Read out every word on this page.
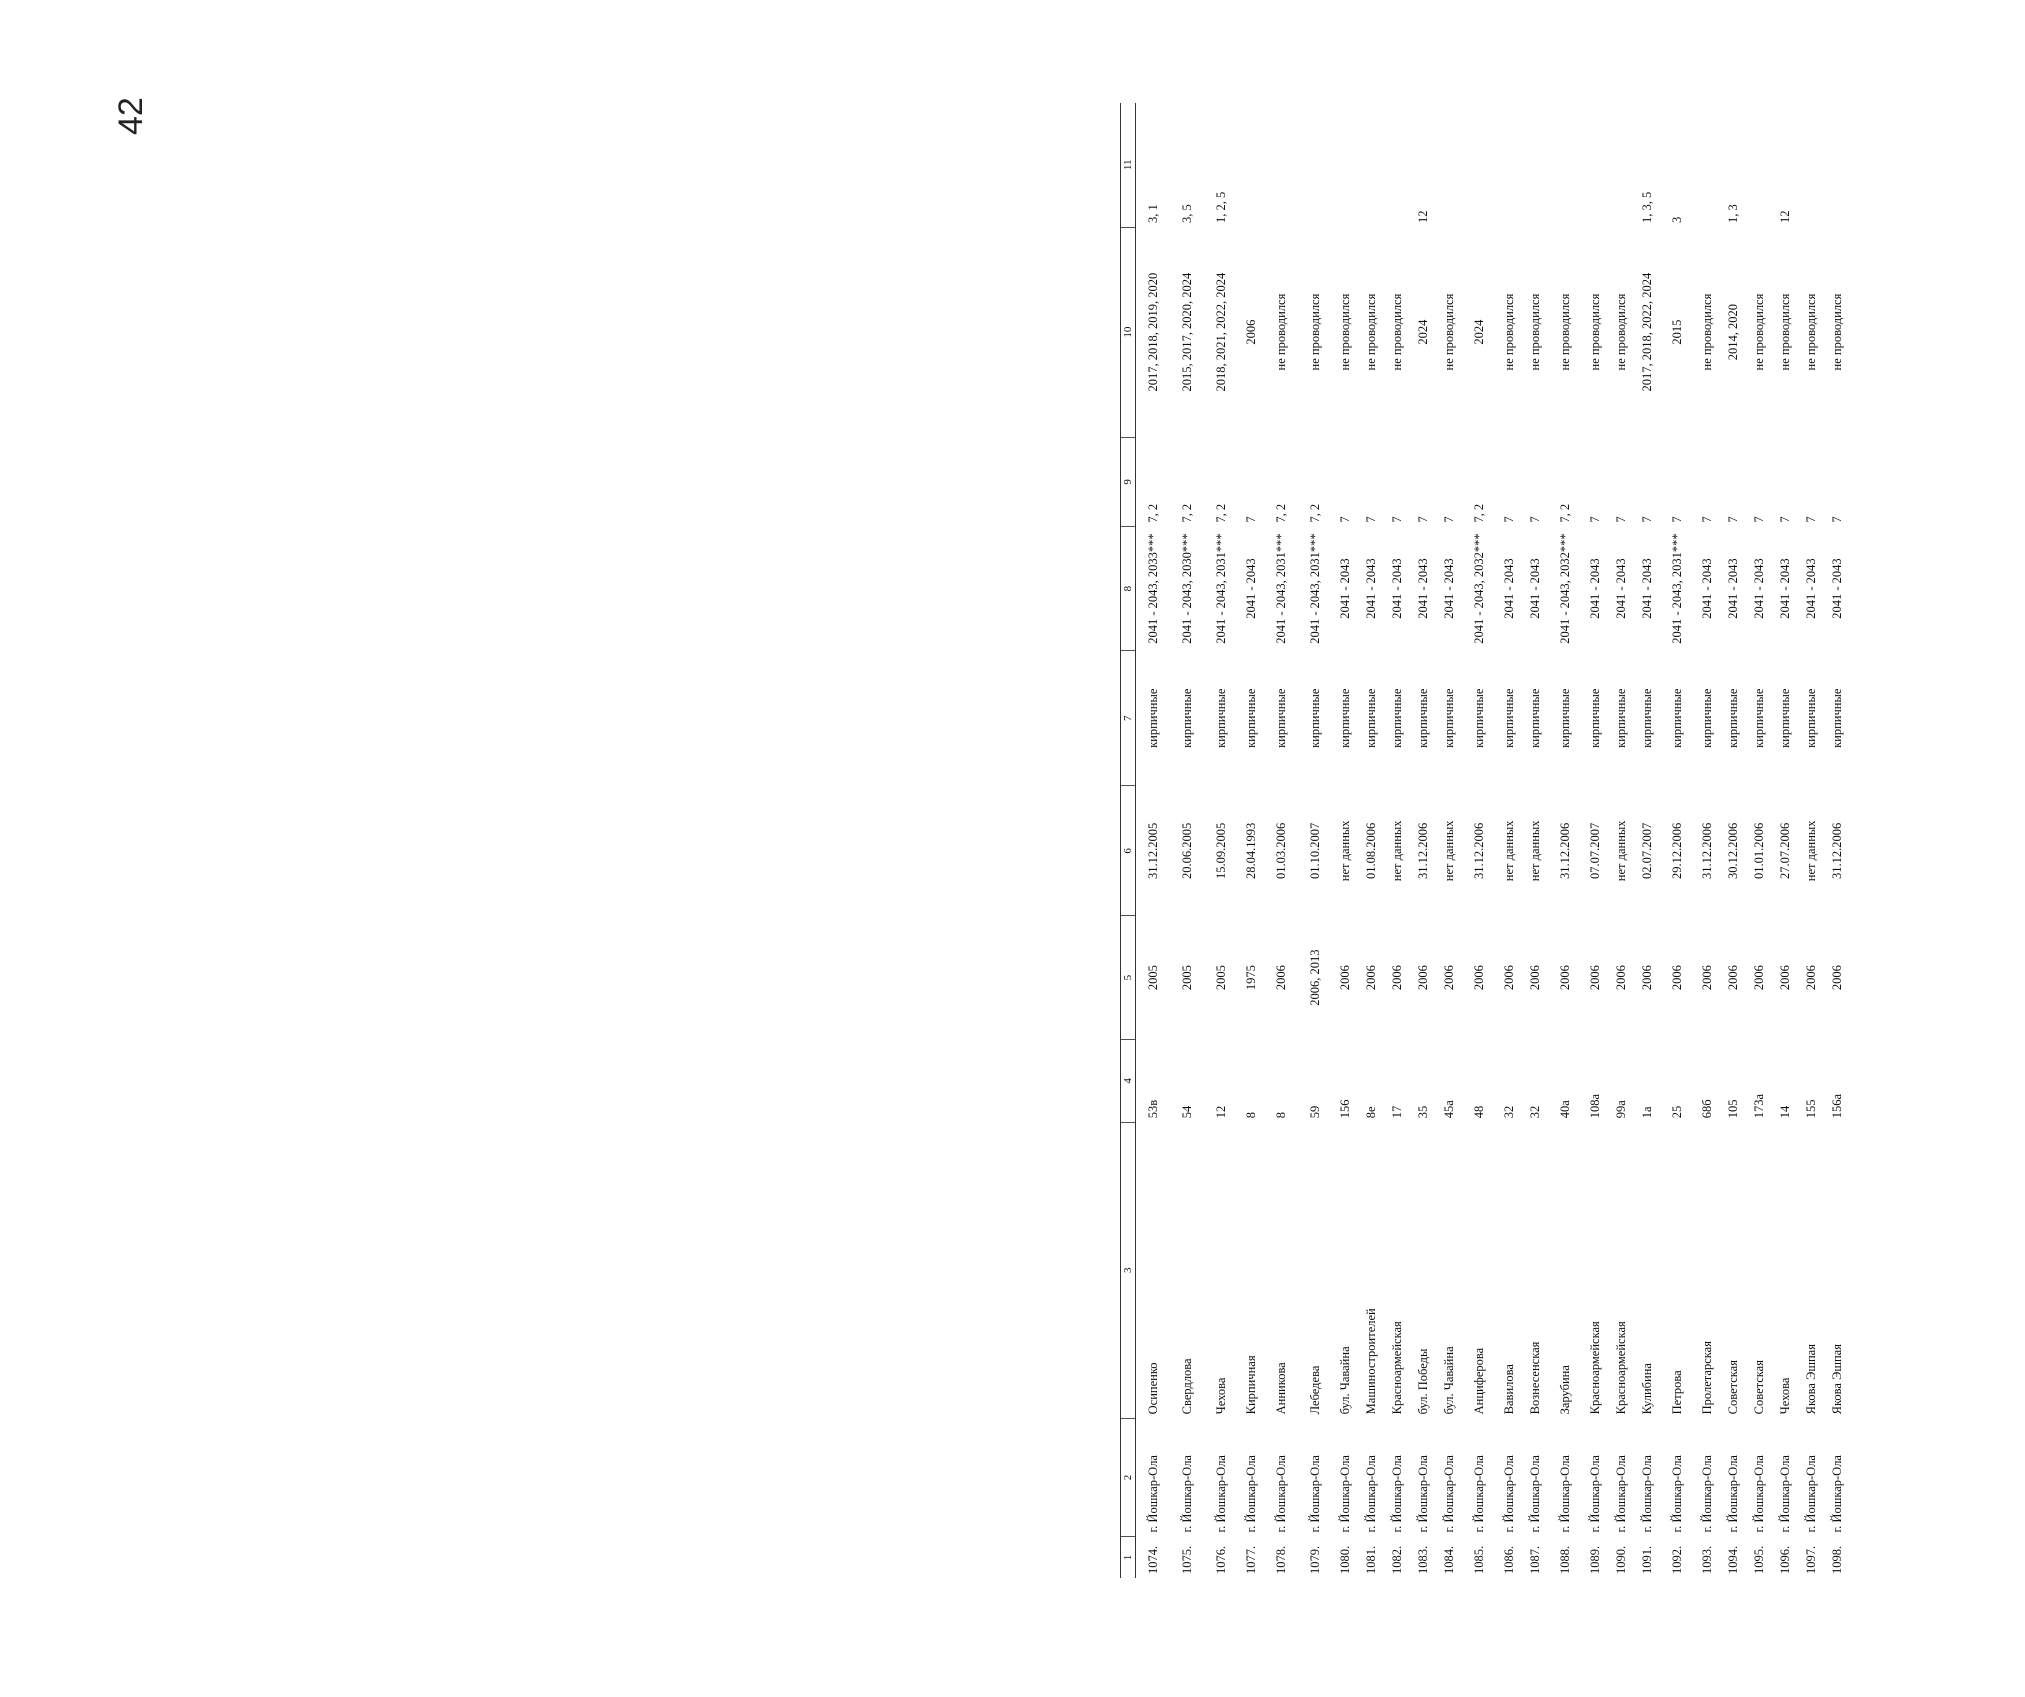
42
1	2	3	4	5	6	7	8	9	10	11
1074.	г. Йошкар-Ола	Осипенко	53в	2005	31.12.2005	кирпичные	2041 - 2043, 2033***	7, 2	2017, 2018, 2019, 2020	3, 1
1075.	г. Йошкар-Ола	Свердлова	54	2005	20.06.2005	кирпичные	2041 - 2043, 2030***	7, 2	2015, 2017, 2020, 2024	3, 5
1076.	г. Йошкар-Ола	Чехова	12	2005	15.09.2005	кирпичные	2041 - 2043, 2031***	7, 2	2018, 2021, 2022, 2024	1, 2, 5
1077.	г. Йошкар-Ола	Кирпичная	8	1975	28.04.1993	кирпичные	2041 - 2043	7	2006	
1078.	г. Йошкар-Ола	Анникова	8	2006	01.03.2006	кирпичные	2041 - 2043, 2031***	7, 2	не проводился	
1079.	г. Йошкар-Ола	Лебедева	59	2006, 2013	01.10.2007	кирпичные	2041 - 2043, 2031***	7, 2	не проводился	
1080.	г. Йошкар-Ола	бул. Чавайна	156	2006	нет данных	кирпичные	2041 - 2043	7	не проводился	
1081.	г. Йошкар-Ола	Машиностроителей	8е	2006	01.08.2006	кирпичные	2041 - 2043	7	не проводился	
1082.	г. Йошкар-Ола	Красноармейская	17	2006	нет данных	кирпичные	2041 - 2043	7	не проводился	
1083.	г. Йошкар-Ола	бул. Победы	35	2006	31.12.2006	кирпичные	2041 - 2043	7	2024	12
1084.	г. Йошкар-Ола	бул. Чавайна	45а	2006	нет данных	кирпичные	2041 - 2043	7	не проводился	
1085.	г. Йошкар-Ола	Анциферова	48	2006	31.12.2006	кирпичные	2041 - 2043, 2032***	7, 2	2024	
1086.	г. Йошкар-Ола	Вавилова	32	2006	нет данных	кирпичные	2041 - 2043	7	не проводился	
1087.	г. Йошкар-Ола	Вознесенская	32	2006	нет данных	кирпичные	2041 - 2043	7	не проводился	
1088.	г. Йошкар-Ола	Зарубина	40а	2006	31.12.2006	кирпичные	2041 - 2043, 2032***	7, 2	не проводился	
1089.	г. Йошкар-Ола	Красноармейская	108а	2006	07.07.2007	кирпичные	2041 - 2043	7	не проводился	
1090.	г. Йошкар-Ола	Красноармейская	99а	2006	нет данных	кирпичные	2041 - 2043	7	не проводился	
1091.	г. Йошкар-Ола	Кулибина	1а	2006	02.07.2007	кирпичные	2041 - 2043	7	2017, 2018, 2022, 2024	1, 3, 5
1092.	г. Йошкар-Ола	Петрова	25	2006	29.12.2006	кирпичные	2041 - 2043, 2031***	7	2015	3
1093.	г. Йошкар-Ола	Пролетарская	68б	2006	31.12.2006	кирпичные	2041 - 2043	7	не проводился	
1094.	г. Йошкар-Ола	Советская	105	2006	30.12.2006	кирпичные	2041 - 2043	7	2014, 2020	1, 3
1095.	г. Йошкар-Ола	Советская	173а	2006	01.01.2006	кирпичные	2041 - 2043	7	не проводился	
1096.	г. Йошкар-Ола	Чехова	14	2006	27.07.2006	кирпичные	2041 - 2043	7	не проводился	12
1097.	г. Йошкар-Ола	Якова Эшпая	155	2006	нет данных	кирпичные	2041 - 2043	7	не проводился	
1098.	г. Йошкар-Ола	Якова Эшпая	156а	2006	31.12.2006	кирпичные	2041 - 2043	7	не проводился	
